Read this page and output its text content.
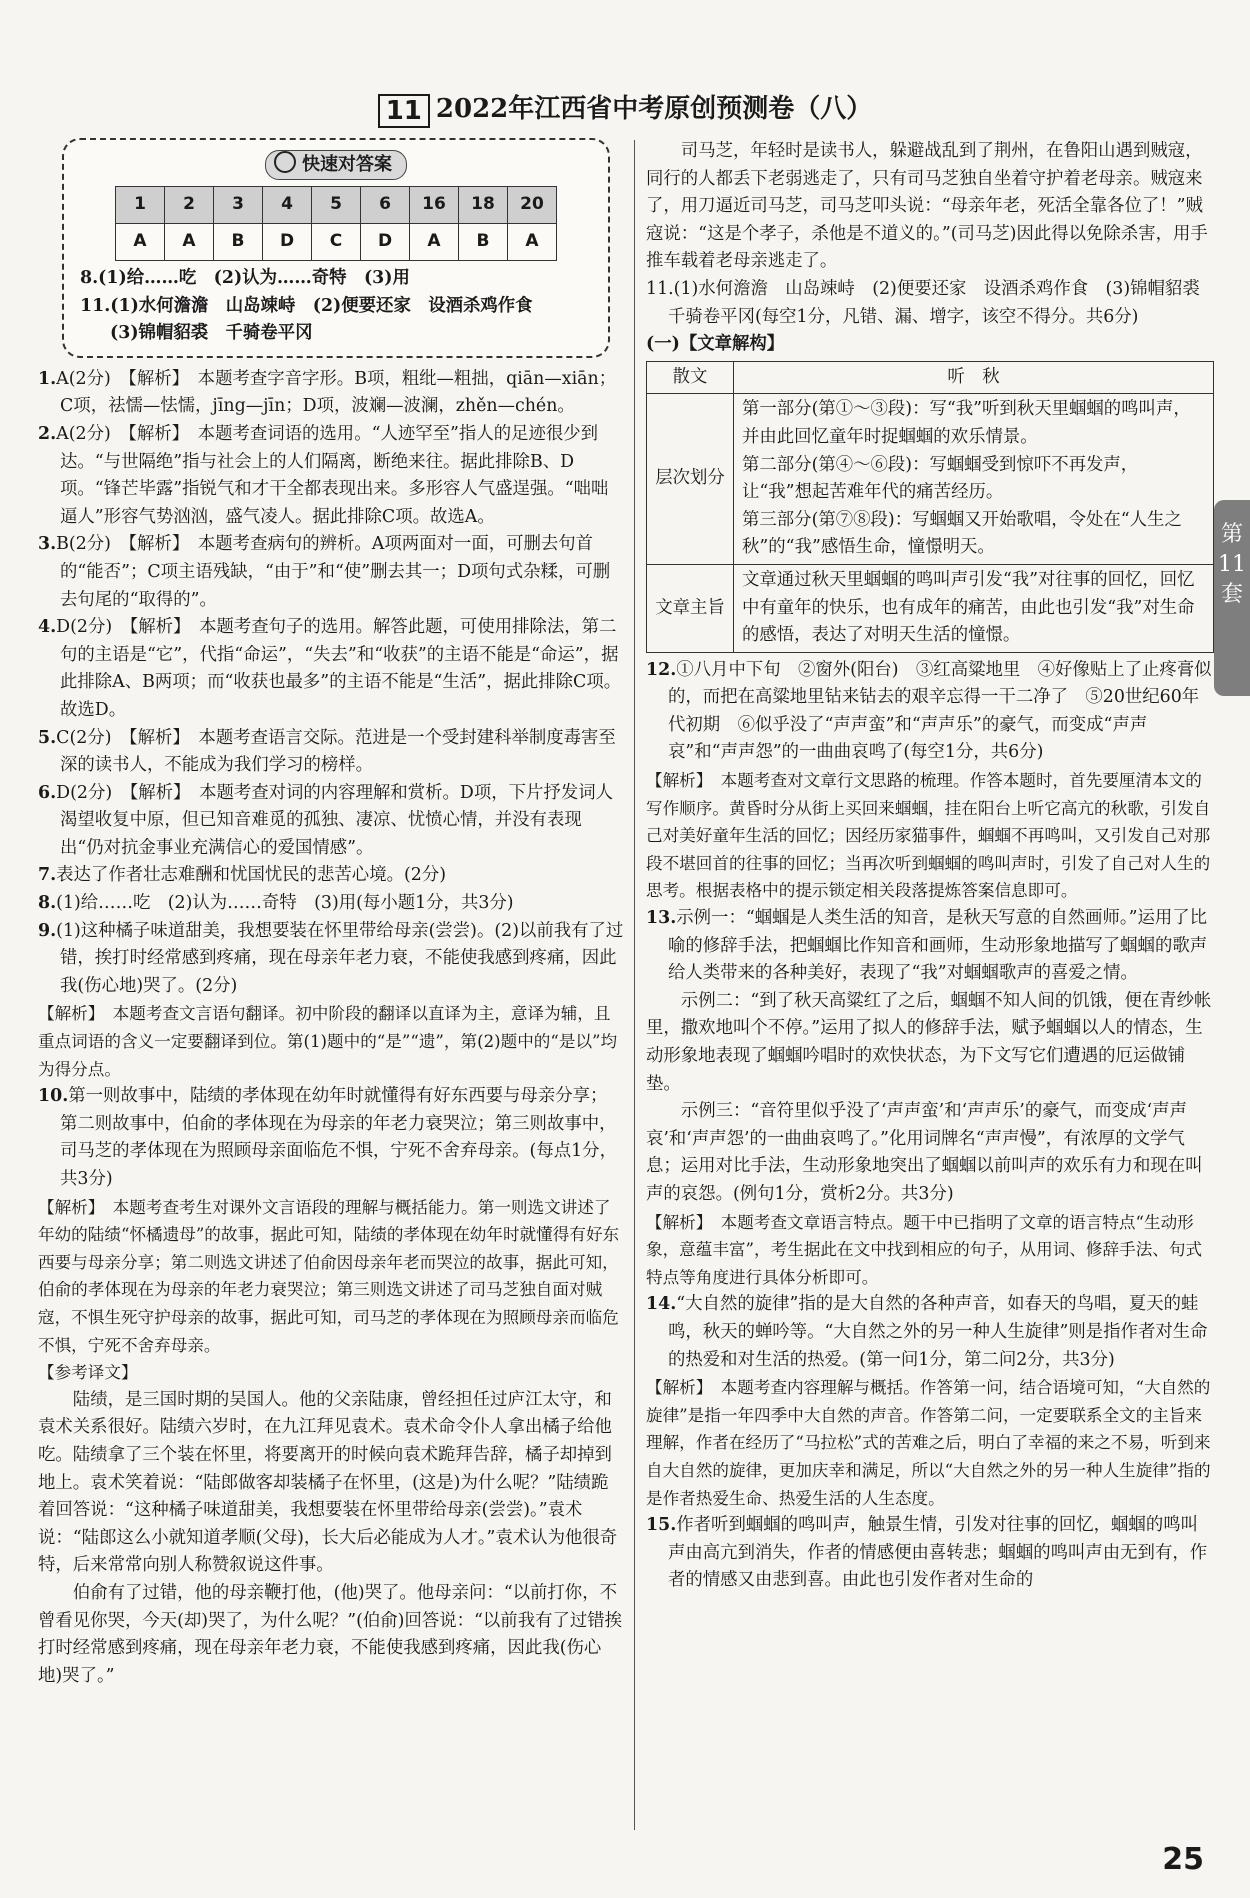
11 2022年江西省中考原创预测卷（八）
快速对答案
1	2	3	4	5	6	16	18	20
A	A	B	D	C	D	A	B	A

8.(1)给……吃　(2)认为……奇特　(3)用

11.(1)水何澹澹　山岛竦峙　(2)便要还家　设酒杀鸡作食

(3)锦帽貂裘　千骑卷平冈

1.A(2分)　【解析】　本题考查字音字形。B项，粗纰—粗拙，qiān—xiān；C项，祛懦—怯懦，jīng—jīn；D项，波斓—波澜，zhěn—chén。

2.A(2分)　【解析】　本题考查词语的选用。“人迹罕至”指人的足迹很少到达。“与世隔绝”指与社会上的人们隔离，断绝来往。据此排除B、D项。“锋芒毕露”指锐气和才干全都表现出来。多形容人气盛逞强。“咄咄逼人”形容气势汹汹，盛气凌人。据此排除C项。故选A。

3.B(2分)　【解析】　本题考查病句的辨析。A项两面对一面，可删去句首的“能否”；C项主语残缺，“由于”和“使”删去其一；D项句式杂糅，可删去句尾的“取得的”。

4.D(2分)　【解析】　本题考查句子的选用。解答此题，可使用排除法，第二句的主语是“它”，代指“命运”，“失去”和“收获”的主语不能是“命运”，据此排除A、B两项；而“收获也最多”的主语不能是“生活”，据此排除C项。故选D。

5.C(2分)　【解析】　本题考查语言交际。范进是一个受封建科举制度毒害至深的读书人，不能成为我们学习的榜样。

6.D(2分)　【解析】　本题考查对词的内容理解和赏析。D项，下片抒发词人渴望收复中原，但已知音难觅的孤独、凄凉、忧愤心情，并没有表现出“仍对抗金事业充满信心的爱国情感”。

7.表达了作者壮志难酬和忧国忧民的悲苦心境。(2分)

8.(1)给……吃　(2)认为……奇特　(3)用(每小题1分，共3分)

9.(1)这种橘子味道甜美，我想要装在怀里带给母亲(尝尝)。(2)以前我有了过错，挨打时经常感到疼痛，现在母亲年老力衰，不能使我感到疼痛，因此我(伤心地)哭了。(2分)

【解析】　本题考查文言语句翻译。初中阶段的翻译以直译为主，意译为辅，且重点词语的含义一定要翻译到位。第(1)题中的“是”“遗”，第(2)题中的“是以”均为得分点。

10.第一则故事中，陆绩的孝体现在幼年时就懂得有好东西要与母亲分享；第二则故事中，伯俞的孝体现在为母亲的年老力衰哭泣；第三则故事中，司马芝的孝体现在为照顾母亲面临危不惧，宁死不舍弃母亲。(每点1分，共3分)

【解析】　本题考查考生对课外文言语段的理解与概括能力。第一则选文讲述了年幼的陆绩“怀橘遗母”的故事，据此可知，陆绩的孝体现在幼年时就懂得有好东西要与母亲分享；第二则选文讲述了伯俞因母亲年老而哭泣的故事，据此可知，伯俞的孝体现在为母亲的年老力衰哭泣；第三则选文讲述了司马芝独自面对贼寇，不惧生死守护母亲的故事，据此可知，司马芝的孝体现在为照顾母亲而临危不惧，宁死不舍弃母亲。

【参考译文】

陆绩，是三国时期的吴国人。他的父亲陆康，曾经担任过庐江太守，和袁术关系很好。陆绩六岁时，在九江拜见袁术。袁术命令仆人拿出橘子给他吃。陆绩拿了三个装在怀里，将要离开的时候向袁术跪拜告辞，橘子却掉到地上。袁术笑着说：“陆郎做客却装橘子在怀里，(这是)为什么呢？”陆绩跪着回答说：“这种橘子味道甜美，我想要装在怀里带给母亲(尝尝)。”袁术说：“陆郎这么小就知道孝顺(父母)，长大后必能成为人才。”袁术认为他很奇特，后来常常向别人称赞叙说这件事。

伯俞有了过错，他的母亲鞭打他，(他)哭了。他母亲问：“以前打你，不曾看见你哭，今天(却)哭了，为什么呢？”(伯俞)回答说：“以前我有了过错挨打时经常感到疼痛，现在母亲年老力衰，不能使我感到疼痛，因此我(伤心地)哭了。”

司马芝，年轻时是读书人，躲避战乱到了荆州，在鲁阳山遇到贼寇，同行的人都丢下老弱逃走了，只有司马芝独自坐着守护着老母亲。贼寇来了，用刀逼近司马芝，司马芝叩头说：“母亲年老，死活全靠各位了！”贼寇说：“这是个孝子，杀他是不道义的。”(司马芝)因此得以免除杀害，用手推车载着老母亲逃走了。

11.(1)水何澹澹　山岛竦峙　(2)便要还家　设酒杀鸡作食　(3)锦帽貂裘　千骑卷平冈(每空1分，凡错、漏、增字，该空不得分。共6分)

(一)【文章解构】

散文	听　秋
层次划分	第一部分(第①～③段)：写“我”听到秋天里蝈蝈的鸣叫声，并由此回忆童年时捉蝈蝈的欢乐情景。

第二部分(第④～⑥段)：写蝈蝈受到惊吓不再发声，让“我”想起苦难年代的痛苦经历。

第三部分(第⑦⑧段)：写蝈蝈又开始歌唱，令处在“人生之秋”的“我”感悟生命，憧憬明天。

文章主旨	文章通过秋天里蝈蝈的鸣叫声引发“我”对往事的回忆，回忆中有童年的快乐，也有成年的痛苦，由此也引发“我”对生命的感悟，表达了对明天生活的憧憬。

12.①八月中下旬　②窗外(阳台)　③红高粱地里　④好像贴上了止疼膏似的，而把在高粱地里钻来钻去的艰辛忘得一干二净了　⑤20世纪60年代初期　⑥似乎没了“声声蛮”和“声声乐”的豪气，而变成“声声哀”和“声声怨”的一曲曲哀鸣了(每空1分，共6分)

【解析】　本题考查对文章行文思路的梳理。作答本题时，首先要厘清本文的写作顺序。黄昏时分从街上买回来蝈蝈，挂在阳台上听它高亢的秋歌，引发自己对美好童年生活的回忆；因经历家猫事件，蝈蝈不再鸣叫，又引发自己对那段不堪回首的往事的回忆；当再次听到蝈蝈的鸣叫声时，引发了自己对人生的思考。根据表格中的提示锁定相关段落提炼答案信息即可。

13.示例一：“蝈蝈是人类生活的知音，是秋天写意的自然画师。”运用了比喻的修辞手法，把蝈蝈比作知音和画师，生动形象地描写了蝈蝈的歌声给人类带来的各种美好，表现了“我”对蝈蝈歌声的喜爱之情。

示例二：“到了秋天高粱红了之后，蝈蝈不知人间的饥饿，便在青纱帐里，撒欢地叫个不停。”运用了拟人的修辞手法，赋予蝈蝈以人的情态，生动形象地表现了蝈蝈吟唱时的欢快状态，为下文写它们遭遇的厄运做铺垫。

示例三：“音符里似乎没了‘声声蛮’和‘声声乐’的豪气，而变成‘声声哀’和‘声声怨’的一曲曲哀鸣了。”化用词牌名“声声慢”，有浓厚的文学气息；运用对比手法，生动形象地突出了蝈蝈以前叫声的欢乐有力和现在叫声的哀怨。(例句1分，赏析2分。共3分)

【解析】　本题考查文章语言特点。题干中已指明了文章的语言特点“生动形象，意蕴丰富”，考生据此在文中找到相应的句子，从用词、修辞手法、句式特点等角度进行具体分析即可。

14.“大自然的旋律”指的是大自然的各种声音，如春天的鸟唱，夏天的蛙鸣，秋天的蝉吟等。“大自然之外的另一种人生旋律”则是指作者对生命的热爱和对生活的热爱。(第一问1分，第二问2分，共3分)

【解析】　本题考查内容理解与概括。作答第一问，结合语境可知，“大自然的旋律”是指一年四季中大自然的声音。作答第二问，一定要联系全文的主旨来理解，作者在经历了“马拉松”式的苦难之后，明白了幸福的来之不易，听到来自大自然的旋律，更加庆幸和满足，所以“大自然之外的另一种人生旋律”指的是作者热爱生命、热爱生活的人生态度。

15.作者听到蝈蝈的鸣叫声，触景生情，引发对往事的回忆，蝈蝈的鸣叫声由高亢到消失，作者的情感便由喜转悲；蝈蝈的鸣叫声由无到有，作者的情感又由悲到喜。由此也引发作者对生命的

第11套
25
